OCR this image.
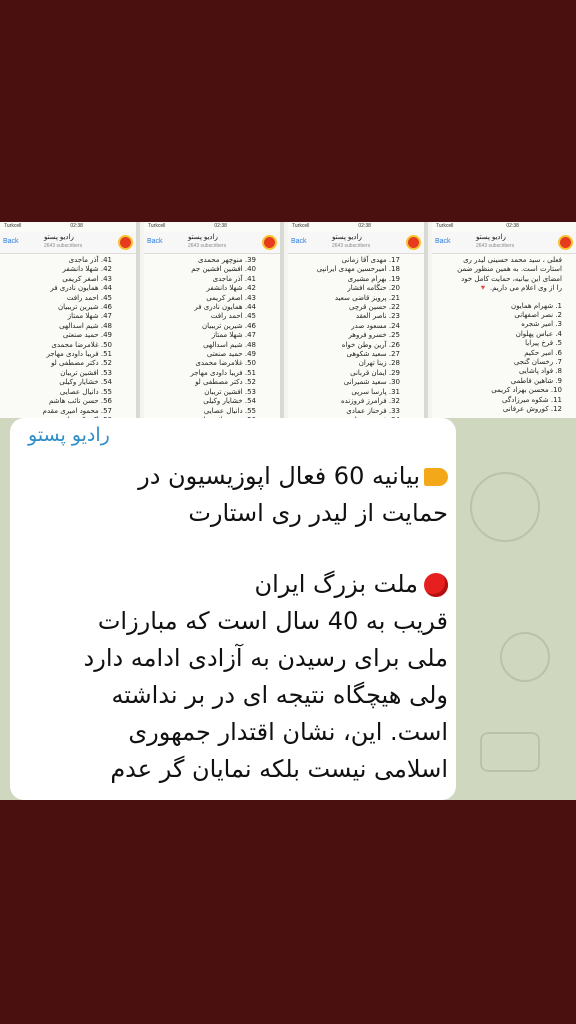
Turkcell	02:38
Back
راديو پستو
2643 subscribers
41. آذر ماجدی
42. شهلا دانشفر
43. اصغر کریمی
44. همایون نادری فر
45. احمد رافت
46. شیرین تریبیان
47. شهلا ممتاز
48. شیم اسدالهی
49. حمید صنعتی
50. غلامرضا محمدی
51. فریبا داودی مهاجر
52. دکتر مصطفی لو
53. افشین تریبان
54. خشایار وکیلی
55. دانیال عصایی
56. حسن نائب هاشم
57. محمود امیری مقدم
Turkcell	02:38
Back
راديو پستو
2643 subscribers
39. منوچهر محمدی
40. افشین افشین جم
41. آذر ماجدی
42. شهلا دانشفر
43. اصغر کریمی
44. همایون نادری فر
45. احمد رافت
46. شیرین تریبیان
47. شهلا ممتاز
48. شیم اسدالهی
49. حمید صنعتی
50. غلامرضا محمدی
51. فریبا داودی مهاجر
52. دکتر مصطفی لو
53. افشین تریبان
54. خشایار وکیلی
55. دانیال عصایی
Turkcell	02:38
Back
راديو پستو
2643 subscribers
17. مهدی آقا زمانی
18. امیرحسین مهدی ایرانپی
19. بهرام مشیری
20. حنگامه افشار
21. پرویز قاضی سعید
22. حسین قرچی
23. ناصر العقد
24. مسعود صدر
25. خسرو فروهر
26. آرین وطن خواه
27. سعید شکوهی
28. زینا تهران
29. ایمان قربانی
30. سعید شمیرانی
31. پارسا سرپی
32. فرامرز فروزنده
33. فرحناز عمادی
Turkcell	02:38
Back
راديو پستو
2643 subscribers
فعلی ، سید محمد حسینی لیدر ری
استارت است. به همین منظور ضمن
امضای این بیانیه، حمایت کامل خود
را از وی اعلام می داریم. 🔻
1. شهرام همایون
2. نصر اصفهانی
3. امیر شجره
4. عباس پهلوان
5. فرخ پیرایا
6. امیر حکیم
7. رخسان گنجی
8. فواد پاشایی
9. شاهین فاطمی
10. محسن بهزاد کریمی
11. شکوه میرزادگی
12. کوروش عرفانی
راديو پستو

بیانیه 60 فعال اپوزیسیون در

حمایت از لیدر ری استارت

ملت بزرگ ایران

قریب به 40 سال است که مبارزات

ملی برای رسیدن به آزادی ادامه دارد

ولی هیچگاه نتیجه ای در بر نداشته

است. این، نشان اقتدار جمهوری

اسلامی نیست بلکه نمایان گر عدم
